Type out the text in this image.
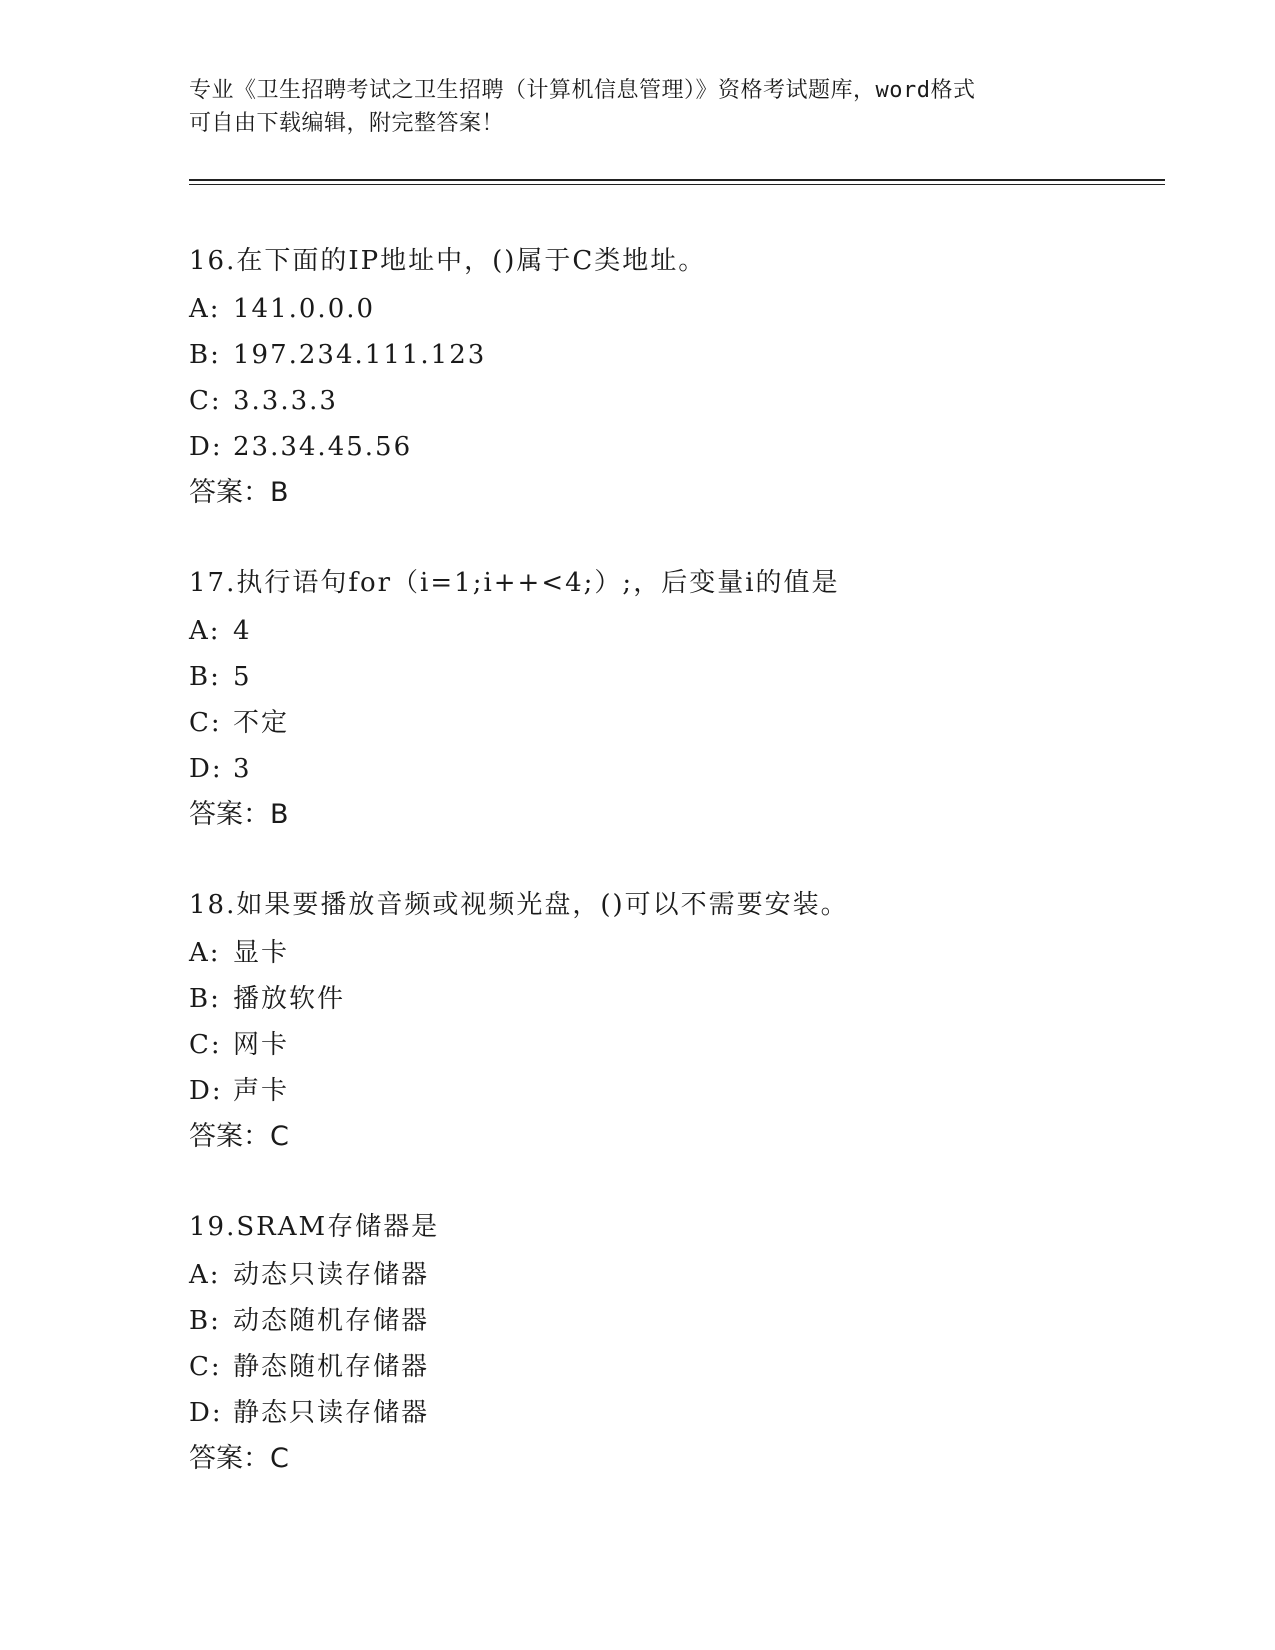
专业《卫生招聘考试之卫生招聘（计算机信息管理）》资格考试题库，word格式
可自由下载编辑，附完整答案！
16.在下面的IP地址中，()属于C类地址。
A: 141.0.0.0
B: 197.234.111.123
C: 3.3.3.3
D: 23.34.45.56
答案：B
17.执行语句for（i=1;i++<4;）;，后变量i的值是
A: 4
B: 5
C: 不定
D: 3
答案：B
18.如果要播放音频或视频光盘，()可以不需要安装。
A: 显卡
B: 播放软件
C: 网卡
D: 声卡
答案：C
19.SRAM存储器是
A: 动态只读存储器
B: 动态随机存储器
C: 静态随机存储器
D: 静态只读存储器
答案：C
